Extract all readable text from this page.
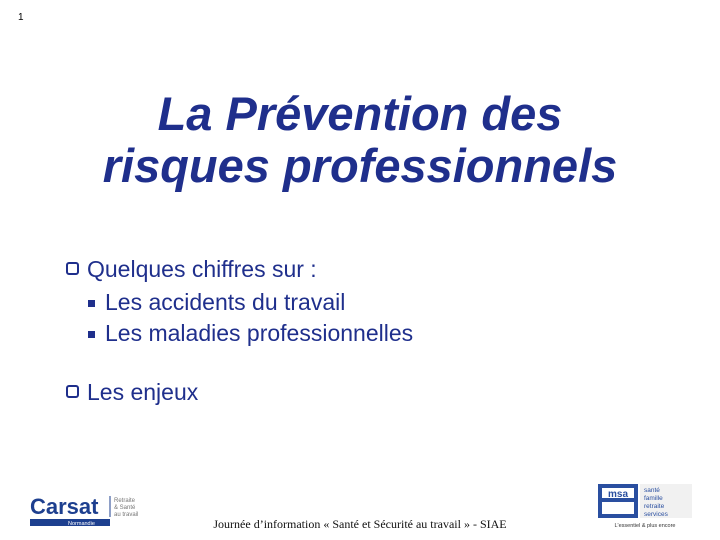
1
La Prévention des
risques professionnels
Quelques chiffres sur :
Les accidents du travail
Les maladies professionnelles
Les enjeux
Carsat	Retraite
& Santé
au travail
Normandie	Journée d’information « Santé et Sécurité au travail » - SIAE
msa santé
famille
retraite
services
L'essentiel & plus encore
